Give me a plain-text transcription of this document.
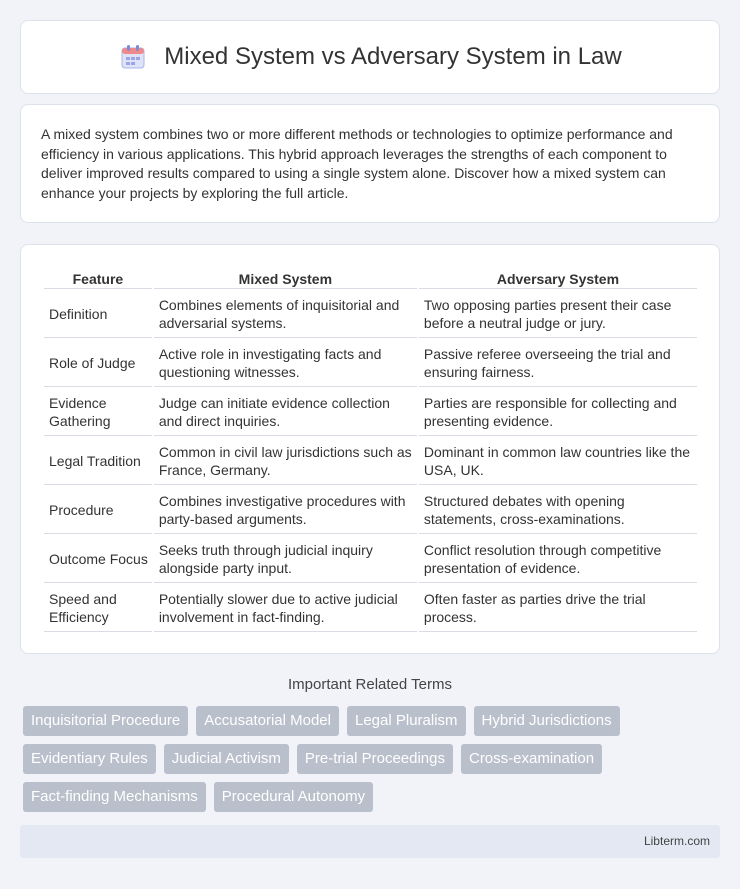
Mixed System vs Adversary System in Law

A mixed system combines two or more different methods or technologies to optimize performance and efficiency in various applications. This hybrid approach leverages the strengths of each component to deliver improved results compared to using a single system alone. Discover how a mixed system can enhance your projects by exploring the full article.

Feature	Mixed System	Adversary System
Definition	Combines elements of inquisitorial and adversarial systems.	Two opposing parties present their case before a neutral judge or jury.
Role of Judge	Active role in investigating facts and questioning witnesses.	Passive referee overseeing the trial and ensuring fairness.
Evidence Gathering	Judge can initiate evidence collection and direct inquiries.	Parties are responsible for collecting and presenting evidence.
Legal Tradition	Common in civil law jurisdictions such as France, Germany.	Dominant in common law countries like the USA, UK.
Procedure	Combines investigative procedures with party-based arguments.	Structured debates with opening statements, cross-examinations.
Outcome Focus	Seeks truth through judicial inquiry alongside party input.	Conflict resolution through competitive presentation of evidence.
Speed and Efficiency	Potentially slower due to active judicial involvement in fact-finding.	Often faster as parties drive the trial process.
Important Related Terms
Inquisitorial Procedure	Accusatorial Model	Legal Pluralism	Hybrid Jurisdictions
Evidentiary Rules	Judicial Activism	Pre-trial Proceedings	Cross-examination
Fact-finding Mechanisms	Procedural Autonomy
Libterm.com
